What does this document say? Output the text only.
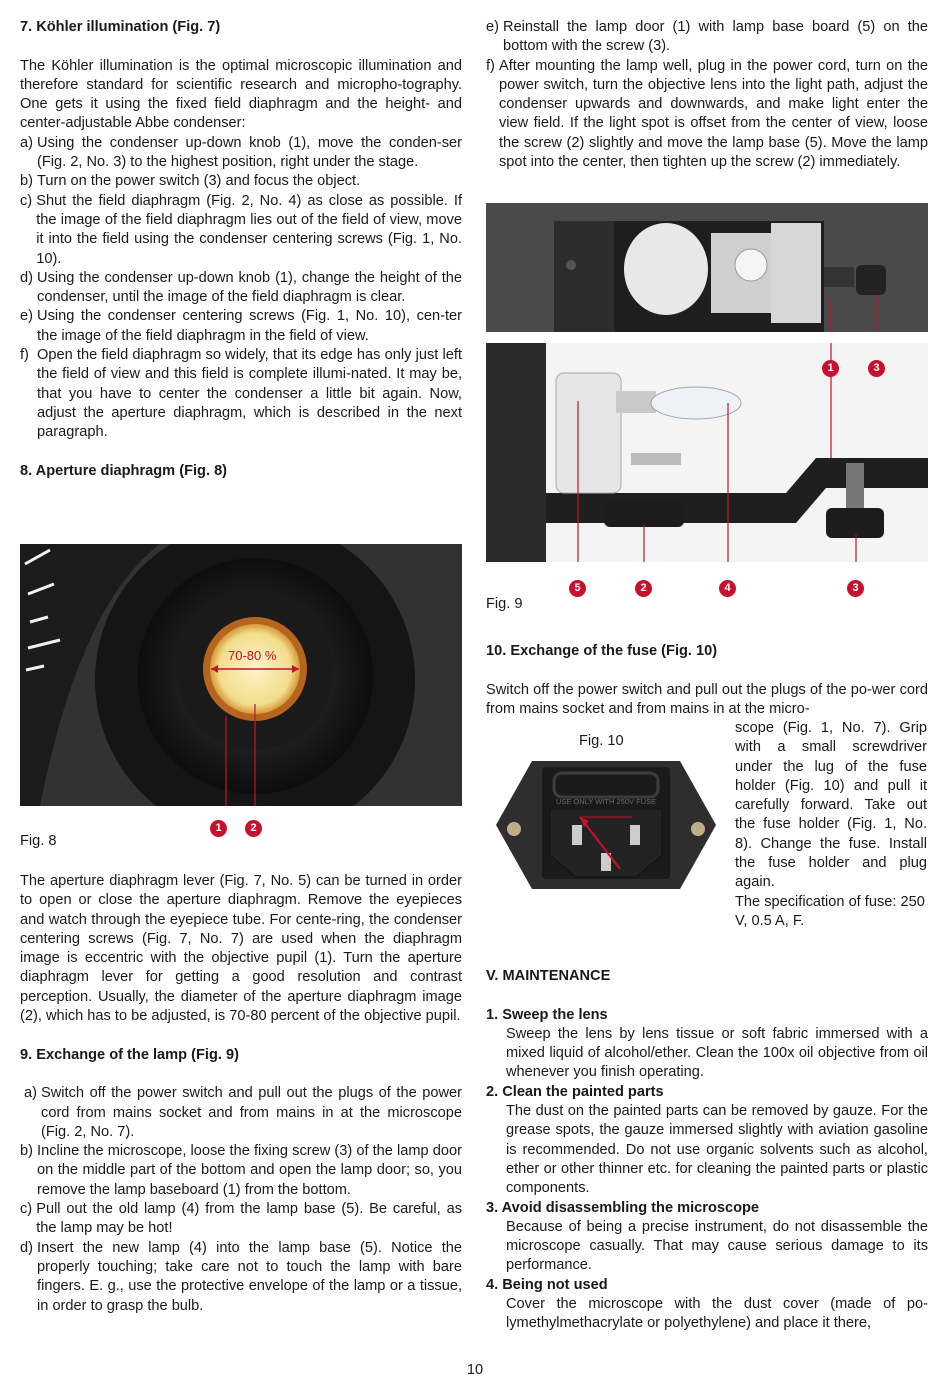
7. Köhler illumination (Fig. 7)

The Köhler illumination is the optimal microscopic illumination and therefore standard for scientific research and micropho-tography. One gets it using the fixed field diaphragm and the height- and center-adjustable Abbe condenser:

a) Using the condenser up-down knob (1), move the conden-ser (Fig. 2, No. 3) to the highest position, right under the stage.
b) Turn on the power switch (3) and focus the object.
c) Shut the field diaphragm (Fig. 2, No. 4) as close as possible. If the image of the field diaphragm lies out of the field of view, move it into the field using the condenser centering screws (Fig. 1, No. 10).
d) Using the condenser up-down knob (1), change the height of the condenser, until the image of the field diaphragm is clear.
e) Using the condenser centering screws (Fig. 1, No. 10), cen-ter the image of the field diaphragm in the field of view.
f) Open the field diaphragm so widely, that its edge has only just left the field of view and this field is complete illumi-nated. It may be, that you have to center the condenser a little bit again. Now, adjust the aperture diaphragm, which is described in the next paragraph.
8. Aperture diaphragm (Fig. 8)
70-80 %
1	2
Fig. 8

The aperture diaphragm lever (Fig. 7, No. 5) can be turned in order to open or close the aperture diaphragm. Remove the eyepieces and watch through the eyepiece tube. For cente-ring, the condenser centering screws (Fig. 7, No. 7) are used when the diaphragm image is eccentric with the objective pupil (1). Turn the aperture diaphragm lever for getting a good resolution and contrast perception. Usually, the diameter of the aperture diaphragm image (2), which has to be adjusted, is 70-80 percent of the objective pupil.

9. Exchange of the lamp (Fig. 9)
a) Switch off the power switch and pull out the plugs of the power cord from mains socket and from mains in at the microscope (Fig. 2, No. 7).
b) Incline the microscope, loose the fixing screw (3) of the lamp door on the middle part of the bottom and open the lamp door; so, you remove the lamp baseboard (1) from the bottom.
c) Pull out the old lamp (4) from the lamp base (5). Be careful, as the lamp may be hot!
d) Insert the new lamp (4) into the lamp base (5). Notice the properly touching; take care not to touch the lamp with bare fingers. E. g., use the protective envelope of the lamp or a tissue, in order to grasp the bulb.
e) Reinstall the lamp door (1) with lamp base board (5) on the bottom with the screw (3).
f) After mounting the lamp well, plug in the power cord, turn on the power switch, turn the objective lens into the light path, adjust the condenser upwards and downwards, and make light enter the view field. If the light spot is offset from the center of view, loose the screw (2) slightly and move the lamp base (5). Move the lamp spot into the center, then tighten up the screw (2) immediately.
1	3
5	2	4	3
Fig. 9
10. Exchange of the fuse (Fig. 10)

Switch off the power switch and pull out the plugs of the po-wer cord from mains socket and from mains in at the micro-

Fig. 10
USE ONLY WITH 250V FUSE

scope (Fig. 1, No. 7). Grip with a small screwdriver under the lug of the fuse holder (Fig. 10) and pull it carefully forward. Take out the fuse holder (Fig. 1, No. 8). Change the fuse. Install the fuse holder and plug again.

The specification of fuse: 250 V, 0.5 A, F.

V. MAINTENANCE
1. Sweep the lens

Sweep the lens by lens tissue or soft fabric immersed with a mixed liquid of alcohol/ether. Clean the 100x oil objective from oil whenever you finish operating.

2. Clean the painted parts

The dust on the painted parts can be removed by gauze. For the grease spots, the gauze immersed slightly with aviation gasoline is recommended. Do not use organic solvents such as alcohol, ether or other thinner etc. for cleaning the painted parts or plastic components.

3. Avoid disassembling the microscope

Because of being a precise instrument, do not disassemble the microscope casually. That may cause serious damage to its performance.

4. Being not used

Cover the microscope with the dust cover (made of po-lymethylmethacrylate or polyethylene) and place it there,

10
